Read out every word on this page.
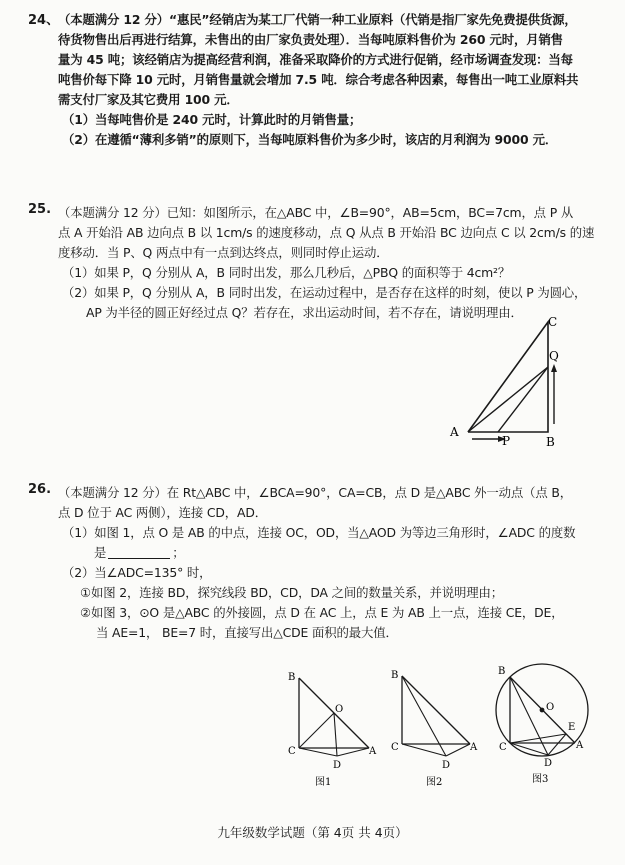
24、
（本题满分 12 分）“惠民”经销店为某工厂代销一种工业原料（代销是指厂家先免费提供货源，
待货物售出后再进行结算，未售出的由厂家负责处理）．当每吨原料售价为 260 元时，月销售
量为 45 吨；该经销店为提高经营利润，准备采取降价的方式进行促销，经市场调查发现：当每
吨售价每下降 10 元时，月销售量就会增加 7.5 吨．综合考虑各种因素，每售出一吨工业原料共
需支付厂家及其它费用 100 元．
（1）当每吨售价是 240 元时，计算此时的月销售量；
（2）在遵循“薄利多销”的原则下，当每吨原料售价为多少时，该店的月利润为 9000 元．
25. （本题满分 12 分）已知：如图所示，在△ABC 中，∠B=90°，AB=5cm，BC=7cm，点 P 从
点 A 开始沿 AB 边向点 B 以 1cm/s 的速度移动，点 Q 从点 B 开始沿 BC 边向点 C 以 2cm/s 的速
度移动．当 P、Q 两点中有一点到达终点，则同时停止运动．
（1）如果 P，Q 分别从 A，B 同时出发，那么几秒后，△PBQ 的面积等于 4cm²？
（2）如果 P，Q 分别从 A，B 同时出发，在运动过程中，是否存在这样的时刻，使以 P 为圆心，
AP 为半径的圆正好经过点 Q？若存在，求出运动时间，若不存在，请说明理由．
C
Q
A
P	B
26. （本题满分 12 分）在 Rt△ABC 中，∠BCA=90°，CA=CB，点 D 是△ABC 外一动点（点 B，
点 D 位于 AC 两侧），连接 CD，AD．
（1）如图 1，点 O 是 AB 的中点，连接 OC，OD，当△AOD 为等边三角形时，∠ADC 的度数
是	；
（2）当∠ADC=135° 时，
①如图 2，连接 BD，探究线段 BD，CD，DA 之间的数量关系，并说明理由；
②如图 3，⊙O 是△ABC 的外接圆，点 D 在 AC 上，点 E 为 AB 上一点，连接 CE，DE，
当 AE=1， BE=7 时，直接写出△CDE 面积的最大值．
B
O
C
D
A
图1
B
C
D
A
图2
B
O
E
C
D
A
图3
九年级数学试题（第 4页 共 4页）
